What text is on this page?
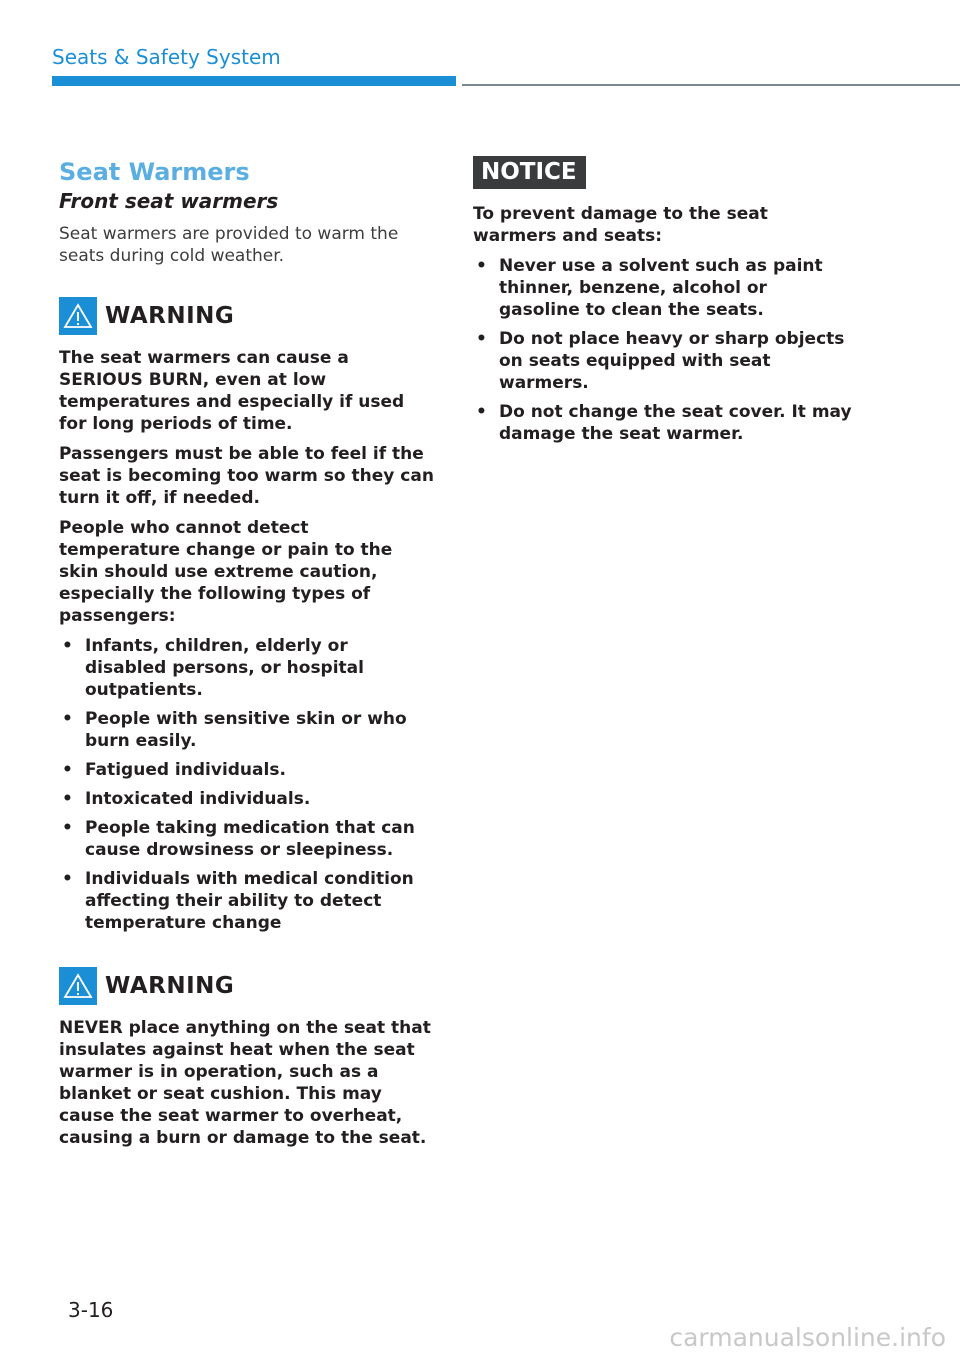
Seats & Safety System
Seat Warmers
Front seat warmers

Seat warmers are provided to warm the seats during cold weather.

WARNING

The seat warmers can cause a SERIOUS BURN, even at low temperatures and especially if used for long periods of time.

Passengers must be able to feel if the seat is becoming too warm so they can turn it off, if needed.

People who cannot detect temperature change or pain to the skin should use extreme caution, especially the following types of passengers:

• Infants, children, elderly or disabled persons, or hospital outpatients.
• People with sensitive skin or who burn easily.
• Fatigued individuals.
• Intoxicated individuals.
• People taking medication that can cause drowsiness or sleepiness.
• Individuals with medical condition affecting their ability to detect temperature change
WARNING

NEVER place anything on the seat that insulates against heat when the seat warmer is in operation, such as a blanket or seat cushion. This may cause the seat warmer to overheat, causing a burn or damage to the seat.

NOTICE

To prevent damage to the seat warmers and seats:

• Never use a solvent such as paint thinner, benzene, alcohol or gasoline to clean the seats.
• Do not place heavy or sharp objects on seats equipped with seat warmers.
• Do not change the seat cover. It may damage the seat warmer.
3-16
carmanualsonline.info
